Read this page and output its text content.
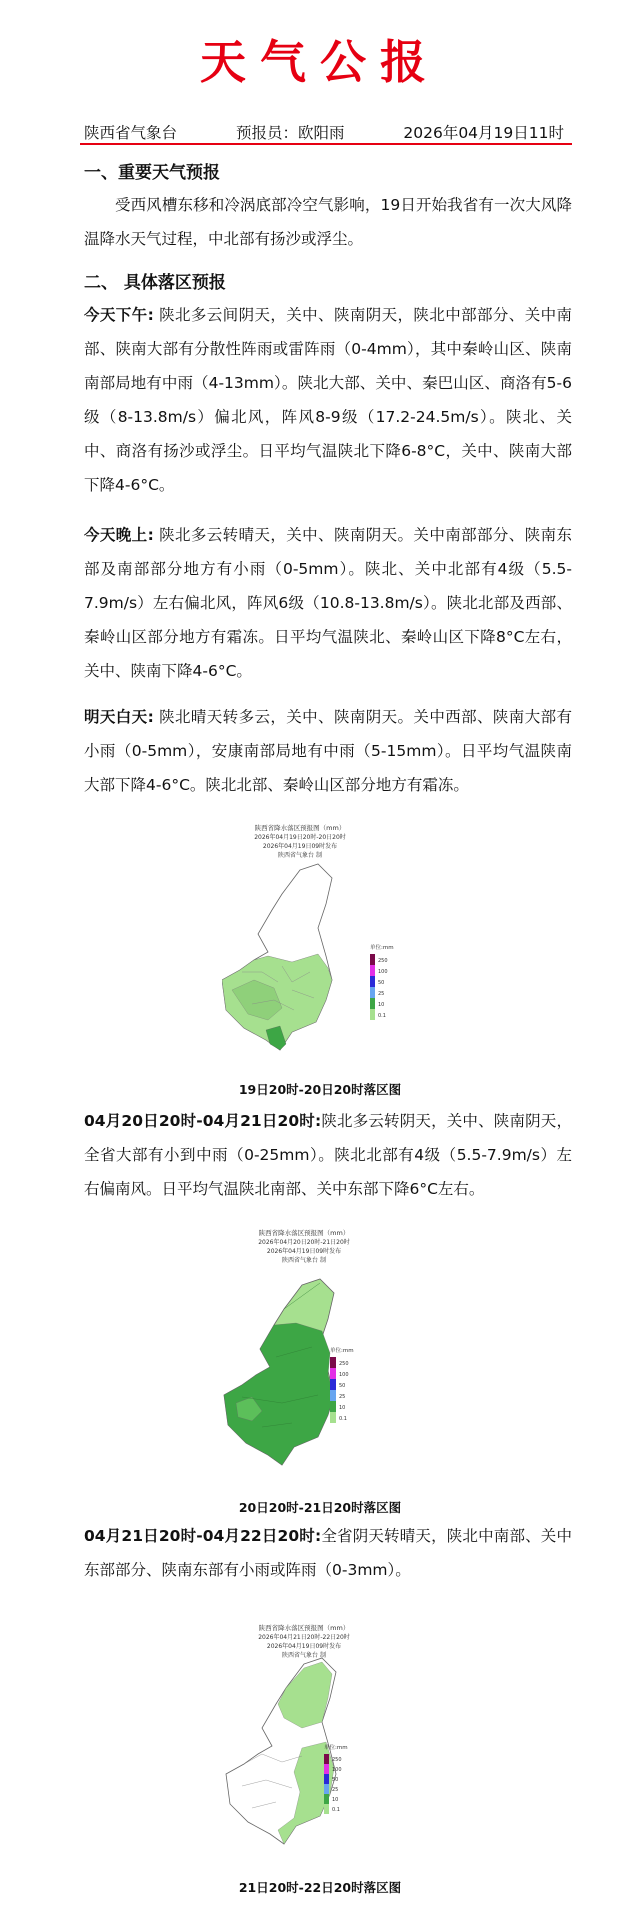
天气公报
陕西省气象台	预报员：欧阳雨	2026年04月19日11时
一、重要天气预报
受西风槽东移和冷涡底部冷空气影响，19日开始我省有一次大风降温降水天气过程，中北部有扬沙或浮尘。
二、 具体落区预报
今天下午: 陕北多云间阴天，关中、陕南阴天，陕北中部部分、关中南部、陕南大部有分散性阵雨或雷阵雨（0-4mm），其中秦岭山区、陕南南部局地有中雨（4-13mm）。陕北大部、关中、秦巴山区、商洛有5-6级（8-13.8m/s）偏北风，阵风8-9级（17.2-24.5m/s）。陕北、关中、商洛有扬沙或浮尘。日平均气温陕北下降6-8°C，关中、陕南大部下降4-6°C。
今天晚上: 陕北多云转晴天，关中、陕南阴天。关中南部部分、陕南东部及南部部分地方有小雨（0-5mm）。陕北、关中北部有4级（5.5-7.9m/s）左右偏北风，阵风6级（10.8-13.8m/s）。陕北北部及西部、秦岭山区部分地方有霜冻。日平均气温陕北、秦岭山区下降8°C左右，关中、陕南下降4-6°C。
明天白天: 陕北晴天转多云，关中、陕南阴天。关中西部、陕南大部有小雨（0-5mm），安康南部局地有中雨（5-15mm）。日平均气温陕南大部下降4-6°C。陕北北部、秦岭山区部分地方有霜冻。
陕西省降水落区预报图（mm）
2026年04月19日20时-20日20时
2026年04月19日09时发布
陕西省气象台 制
单位:mm
250
100
50
25
10
0.1
19日20时-20日20时落区图
04月20日20时-04月21日20时:陕北多云转阴天，关中、陕南阴天，全省大部有小到中雨（0-25mm）。陕北北部有4级（5.5-7.9m/s）左右偏南风。日平均气温陕北南部、关中东部下降6°C左右。
陕西省降水落区预报图（mm）
2026年04月20日20时-21日20时
2026年04月19日09时发布
陕西省气象台 制
单位:mm
250
100
50
25
10
0.1
20日20时-21日20时落区图
04月21日20时-04月22日20时:全省阴天转晴天，陕北中南部、关中东部部分、陕南东部有小雨或阵雨（0-3mm）。
陕西省降水落区预报图（mm）
2026年04月21日20时-22日20时
2026年04月19日09时发布
陕西省气象台 制
单位:mm
250
100
50
25
10
0.1
21日20时-22日20时落区图
